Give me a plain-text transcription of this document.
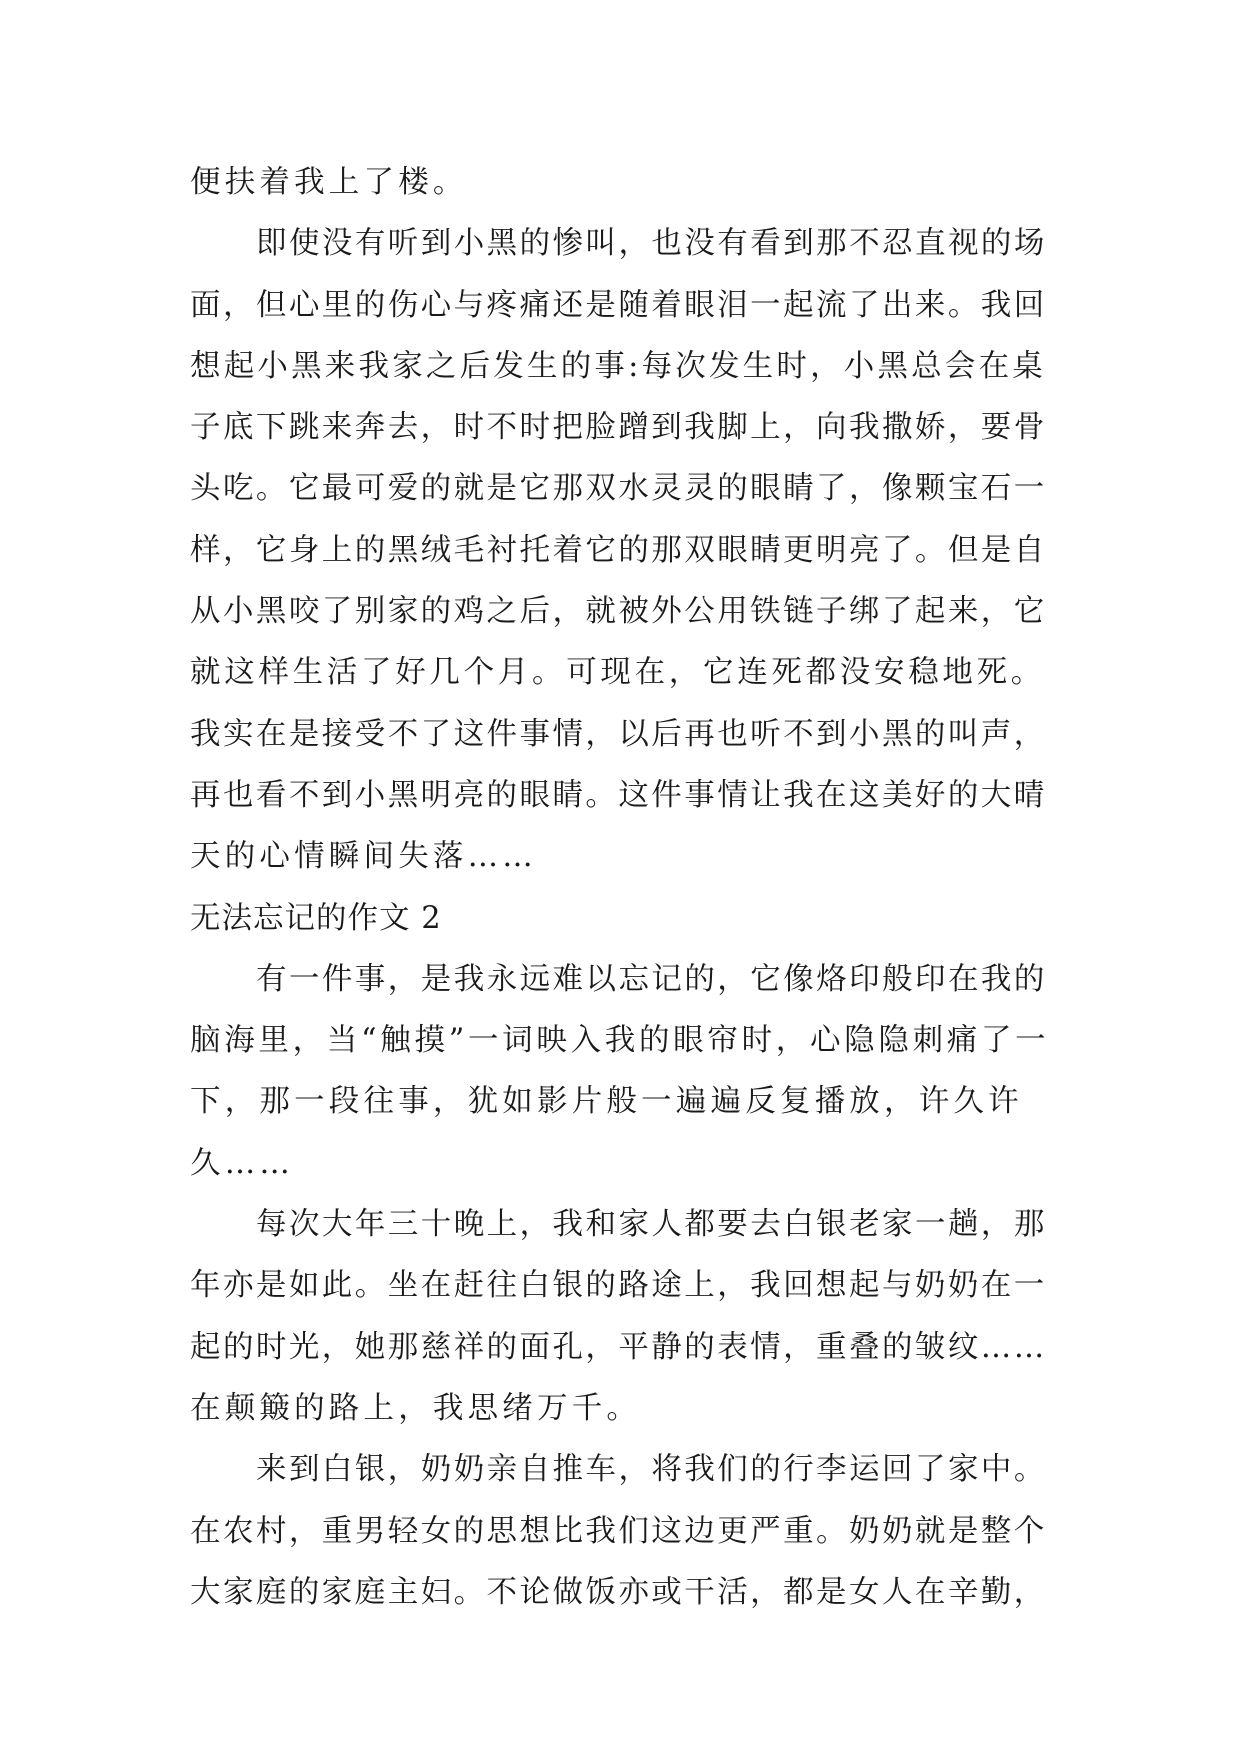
便扶着我上了楼。
即使没有听到小黑的惨叫，也没有看到那不忍直视的场
面，但心里的伤心与疼痛还是随着眼泪一起流了出来。我回
想起小黑来我家之后发生的事:每次发生时，小黑总会在桌
子底下跳来奔去，时不时把脸蹭到我脚上，向我撒娇，要骨
头吃。它最可爱的就是它那双水灵灵的眼睛了，像颗宝石一
样，它身上的黑绒毛衬托着它的那双眼睛更明亮了。但是自
从小黑咬了别家的鸡之后，就被外公用铁链子绑了起来，它
就这样生活了好几个月。可现在，它连死都没安稳地死。
我实在是接受不了这件事情，以后再也听不到小黑的叫声，
再也看不到小黑明亮的眼睛。这件事情让我在这美好的大晴
天的心情瞬间失落……
无法忘记的作文 2
有一件事，是我永远难以忘记的，它像烙印般印在我的
脑海里，当“触摸”一词映入我的眼帘时，心隐隐刺痛了一
下，那一段往事，犹如影片般一遍遍反复播放，许久许
久……
每次大年三十晚上，我和家人都要去白银老家一趟，那
年亦是如此。坐在赶往白银的路途上，我回想起与奶奶在一
起的时光，她那慈祥的面孔，平静的表情，重叠的皱纹……
在颠簸的路上，我思绪万千。
来到白银，奶奶亲自推车，将我们的行李运回了家中。
在农村，重男轻女的思想比我们这边更严重。奶奶就是整个
大家庭的家庭主妇。不论做饭亦或干活，都是女人在辛勤，
